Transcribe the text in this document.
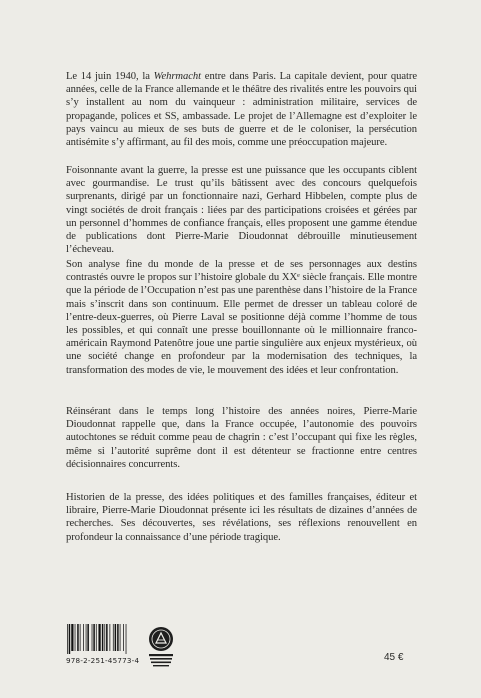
Le 14 juin 1940, la Wehrmacht entre dans Paris. La capitale devient, pour quatre années, celle de la France allemande et le théâtre des rivalités entre les pouvoirs qui s’y installent au nom du vainqueur : administration militaire, services de propagande, polices et SS, ambassade. Le projet de l’Allemagne est d’exploiter le pays vaincu au mieux de ses buts de guerre et de le coloniser, la persécution antisémite s’y affirmant, au fil des mois, comme une préoccupation majeure.

Foisonnante avant la guerre, la presse est une puissance que les occupants ciblent avec gourmandise. Le trust qu’ils bâtissent avec des concours quelquefois surprenants, dirigé par un fonctionnaire nazi, Gerhard Hibbelen, compte plus de vingt sociétés de droit français : liées par des participations croisées et gérées par un personnel d’hommes de confiance français, elles proposent une gamme étendue de publications dont Pierre-Marie Dioudonnat débrouille minutieusement l’écheveau.

Son analyse fine du monde de la presse et de ses personnages aux destins contrastés ouvre le propos sur l’histoire globale du XXᵉ siècle français. Elle montre que la période de l’Occupation n’est pas une parenthèse dans l’histoire de la France mais s’inscrit dans son continuum. Elle permet de dresser un tableau coloré de l’entre-deux-guerres, où Pierre Laval se positionne déjà comme l’homme de tous les possibles, et qui connaît une presse bouillonnante où le millionnaire franco-américain Raymond Patenôtre joue une partie singulière aux enjeux mystérieux, où une société change en profondeur par la modernisation des techniques, la transformation des modes de vie, le mouvement des idées et leur confrontation.

Réinsérant dans le temps long l’histoire des années noires, Pierre-Marie Dioudonnat rappelle que, dans la France occupée, l’autonomie des pouvoirs autochtones se réduit comme peau de chagrin : c’est l’occupant qui fixe les règles, même si l’autorité suprême dont il est détenteur se fractionne entre centres décisionnaires concurrents.

Historien de la presse, des idées politiques et des familles françaises, éditeur et libraire, Pierre-Marie Dioudonnat présente ici les résultats de dizaines d’années de recherches. Ses découvertes, ses révélations, ses réflexions renouvellent en profondeur la connaissance d’une période tragique.

978-2-251-45773-4	45 €
